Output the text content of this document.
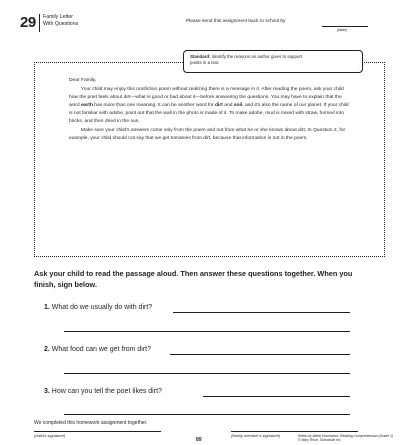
29 Family Letter
With Questions	Please send this assignment back to school by
(date)

Dear Family,

Your child may enjoy this nonfiction poem without realizing there is a message in it. After reading the poem, ask your child how the poet feels about dirt—what is good or bad about it—before answering the questions. You may have to explain that the word earth has more than one meaning. It can be another word for dirt and soil, and it's also the name of our planet. If your child is not familiar with adobe, point out that the wall in the photo is made of it. To make adobe, mud is mixed with straw, formed into bricks, and then dried in the sun.

Make sure your child's answers come only from the poem and not from what he or she knows about dirt. In Question 2, for example, your child should not say that we get tomatoes from dirt, because that information is not in the poem.

Standard: Identify the reasons an author gives to support
points in a text.
Ask your child to read the passage aloud. Then answer these questions together. When you finish, sign below.
1. What do we usually do with dirt?
2. What food can we get from dirt?
We completed this homework assignment together.
(child's signature)	(family member's signature)	Week-by-Week Homework: Reading Comprehension (Grade 1)
© Mary Rose, Scholastic Inc.
89
3. How can you tell the poet likes dirt?
